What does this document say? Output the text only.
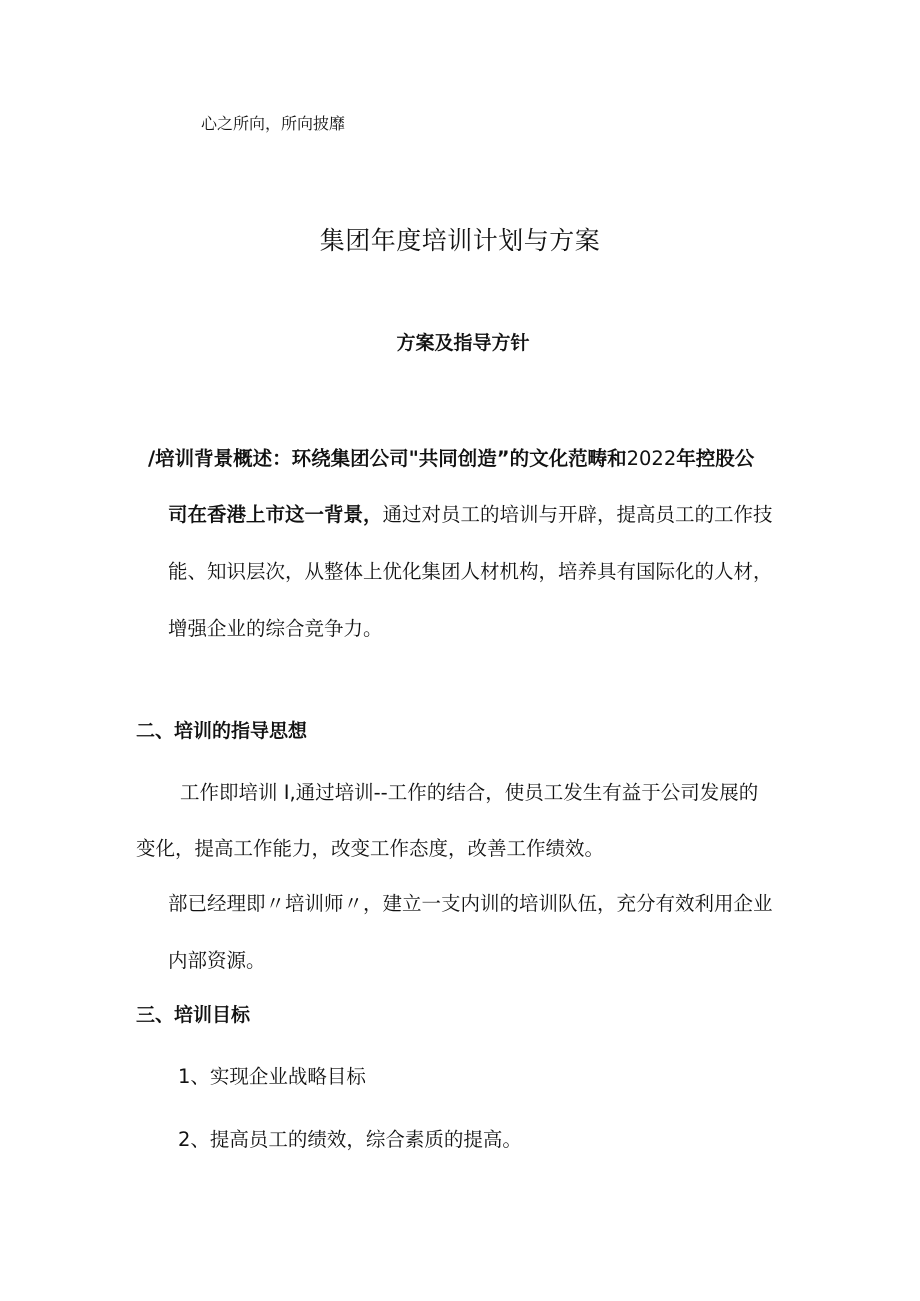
心之所向，所向披靡
集团年度培训计划与方案
方案及指导方针
/培训背景概述：环绕集团公司"共同创造”的文化范畴和2022年控股公
司在香港上市这一背景，通过对员工的培训与开辟，提高员工的工作技
能、知识层次，从整体上优化集团人材机构，培养具有国际化的人材，
增强企业的综合竞争力。
二、培训的指导思想
工作即培训 I,通过培训--工作的结合，使员工发生有益于公司发展的
变化，提高工作能力，改变工作态度，改善工作绩效。
部已经理即〃培训师〃，建立一支内训的培训队伍，充分有效利用企业
内部资源。
三、培训目标
1、实现企业战略目标
2、提高员工的绩效，综合素质的提高。
